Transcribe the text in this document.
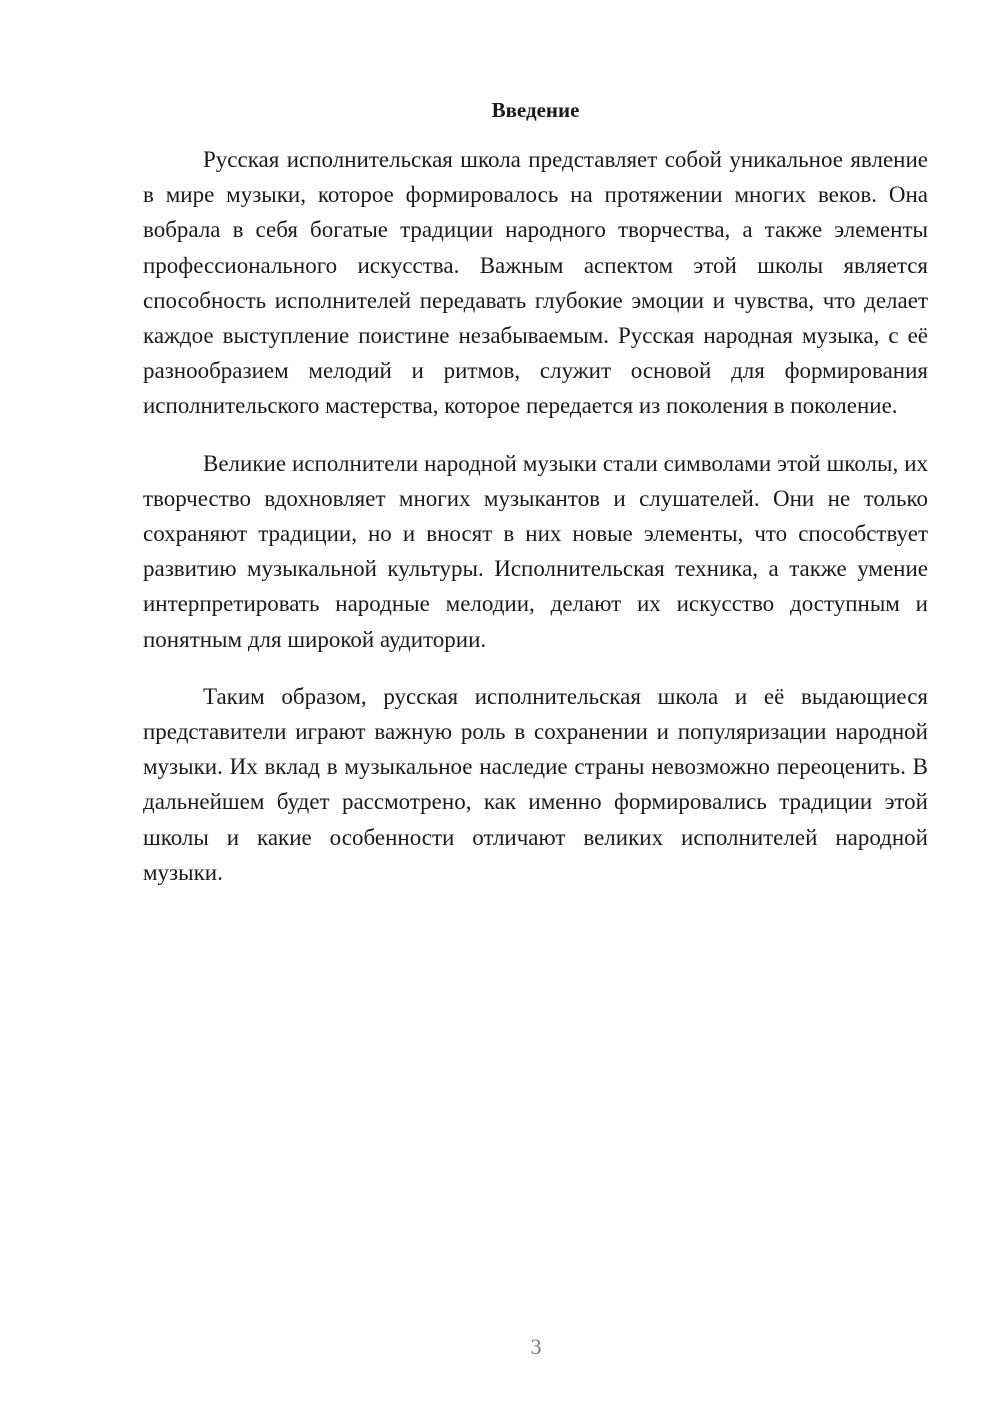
Введение

Русская исполнительская школа представляет собой уникальное явление в мире музыки, которое формировалось на протяжении многих веков. Она вобрала в себя богатые традиции народного творчества, а также элементы профессионального искусства. Важным аспектом этой школы является способность исполнителей передавать глубокие эмоции и чувства, что делает каждое выступление поистине незабываемым. Русская народная музыка, с её разнообразием мелодий и ритмов, служит основой для формирования исполнительского мастерства, которое передается из поколения в поколение.

Великие исполнители народной музыки стали символами этой школы, их творчество вдохновляет многих музыкантов и слушателей. Они не только сохраняют традиции, но и вносят в них новые элементы, что способствует развитию музыкальной культуры. Исполнительская техника, а также умение интерпретировать народные мелодии, делают их искусство доступным и понятным для широкой аудитории.

Таким образом, русская исполнительская школа и её выдающиеся представители играют важную роль в сохранении и популяризации народной музыки. Их вклад в музыкальное наследие страны невозможно переоценить. В дальнейшем будет рассмотрено, как именно формировались традиции этой школы и какие особенности отличают великих исполнителей народной музыки.

3
